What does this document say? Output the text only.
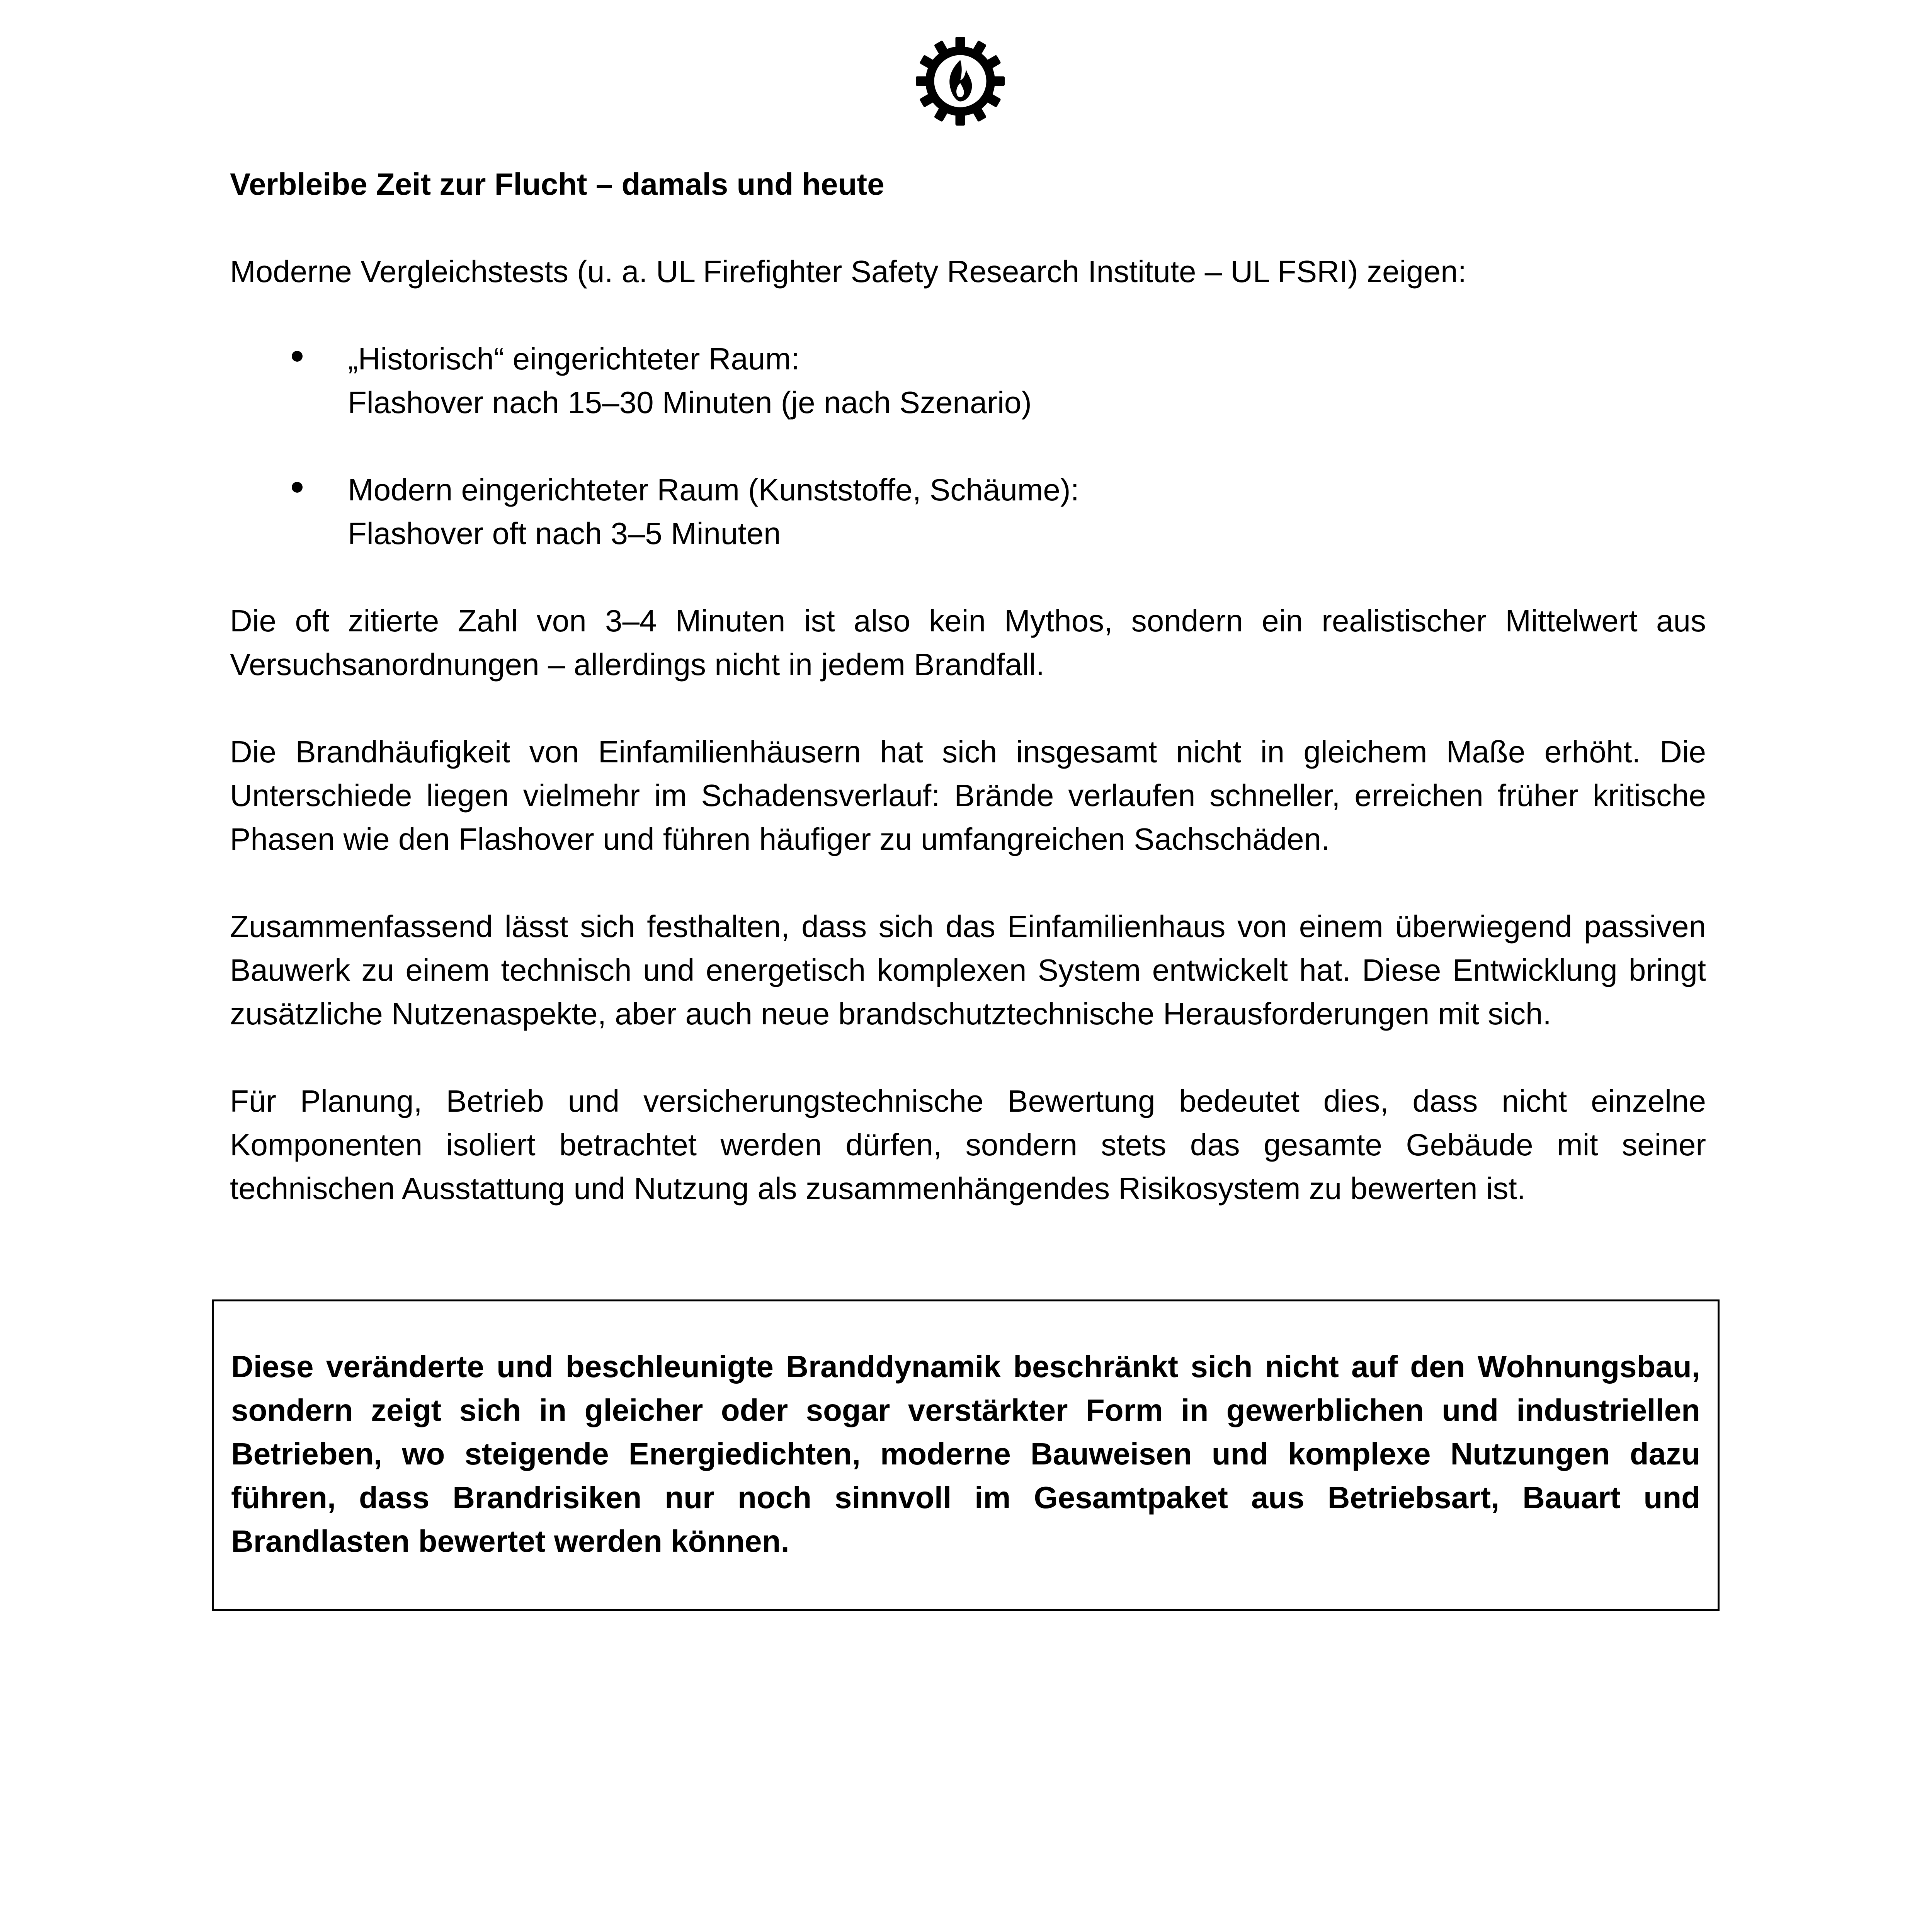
Verbleibe Zeit zur Flucht – damals und heute
Moderne Vergleichstests (u. a. UL Firefighter Safety Research Institute – UL FSRI) zeigen:
„Historisch“ eingerichteter Raum:
Flashover nach 15–30 Minuten (je nach Szenario)
Modern eingerichteter Raum (Kunststoffe, Schäume):
Flashover oft nach 3–5 Minuten
Die oft zitierte Zahl von 3–4 Minuten ist also kein Mythos, sondern ein realistischer Mittelwert aus Versuchsanordnungen – allerdings nicht in jedem Brandfall.
Die Brandhäufigkeit von Einfamilienhäusern hat sich insgesamt nicht in gleichem Maße erhöht. Die Unterschiede liegen vielmehr im Schadensverlauf: Brände verlaufen schneller, erreichen früher kritische Phasen wie den Flashover und führen häufiger zu umfangreichen Sachschäden.
Zusammenfassend lässt sich festhalten, dass sich das Einfamilienhaus von einem überwiegend passiven Bauwerk zu einem technisch und energetisch komplexen System entwickelt hat. Diese Entwicklung bringt zusätzliche Nutzenaspekte, aber auch neue brandschutztechnische Herausforderungen mit sich.
Für Planung, Betrieb und versicherungstechnische Bewertung bedeutet dies, dass nicht einzelne Komponenten isoliert betrachtet werden dürfen, sondern stets das gesamte Gebäude mit seiner technischen Ausstattung und Nutzung als zusammenhängendes Risikosystem zu bewerten ist.
Diese veränderte und beschleunigte Branddynamik beschränkt sich nicht auf den Wohnungsbau, sondern zeigt sich in gleicher oder sogar verstärkter Form in gewerblichen und industriellen Betrieben, wo steigende Energiedichten, moderne Bauweisen und komplexe Nutzungen dazu führen, dass Brandrisiken nur noch sinnvoll im Gesamtpaket aus Betriebsart, Bauart und Brandlasten bewertet werden können.
